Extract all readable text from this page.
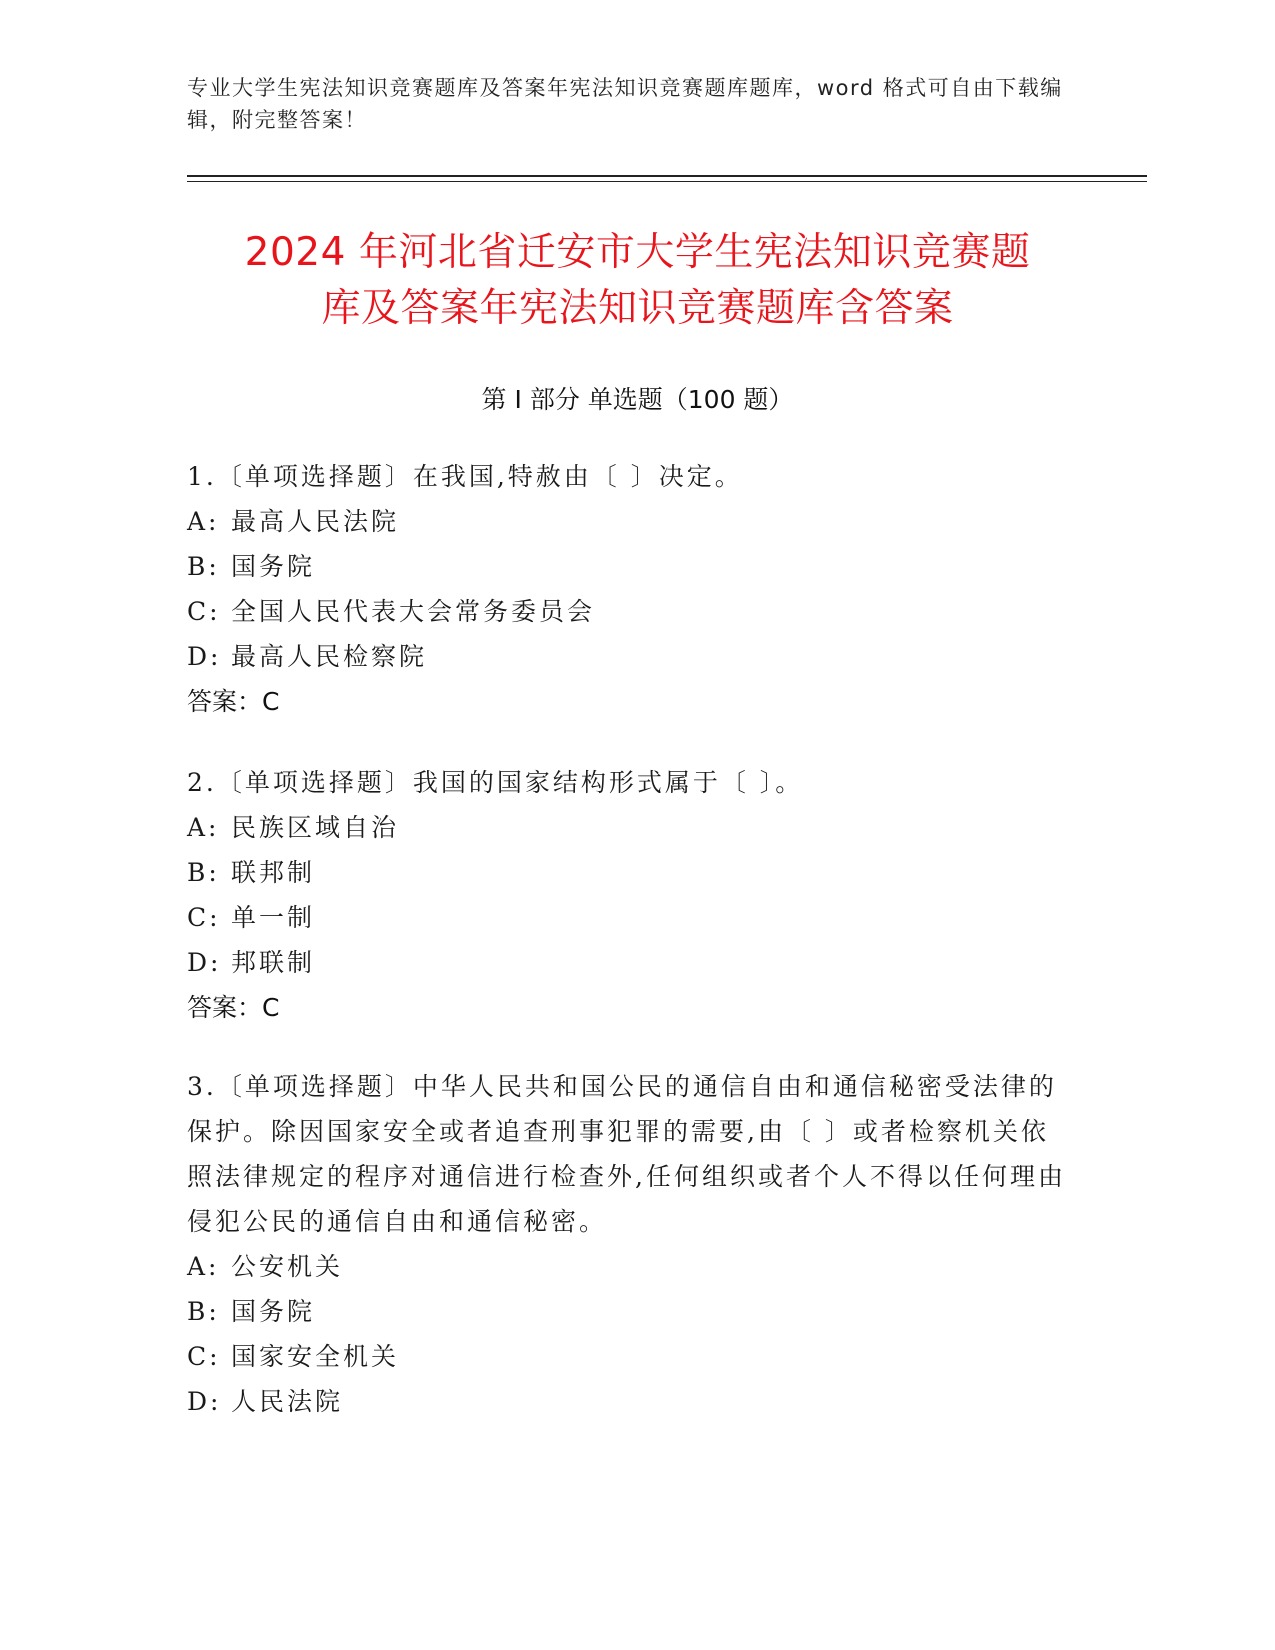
专业大学生宪法知识竞赛题库及答案年宪法知识竞赛题库题库，word 格式可自由下载编辑，附完整答案！
2024 年河北省迁安市大学生宪法知识竞赛题
库及答案年宪法知识竞赛题库含答案
第 I 部分 单选题（100 题）
1.〔单项选择题〕在我国,特赦由〔 〕决定。
A: 最高人民法院
B: 国务院
C: 全国人民代表大会常务委员会
D: 最高人民检察院
答案：C
2.〔单项选择题〕我国的国家结构形式属于〔 〕。
A: 民族区域自治
B: 联邦制
C: 单一制
D: 邦联制
答案：C
3.〔单项选择题〕中华人民共和国公民的通信自由和通信秘密受法律的保护。除因国家安全或者追查刑事犯罪的需要,由〔 〕或者检察机关依照法律规定的程序对通信进行检查外,任何组织或者个人不得以任何理由侵犯公民的通信自由和通信秘密。
A: 公安机关
B: 国务院
C: 国家安全机关
D: 人民法院
